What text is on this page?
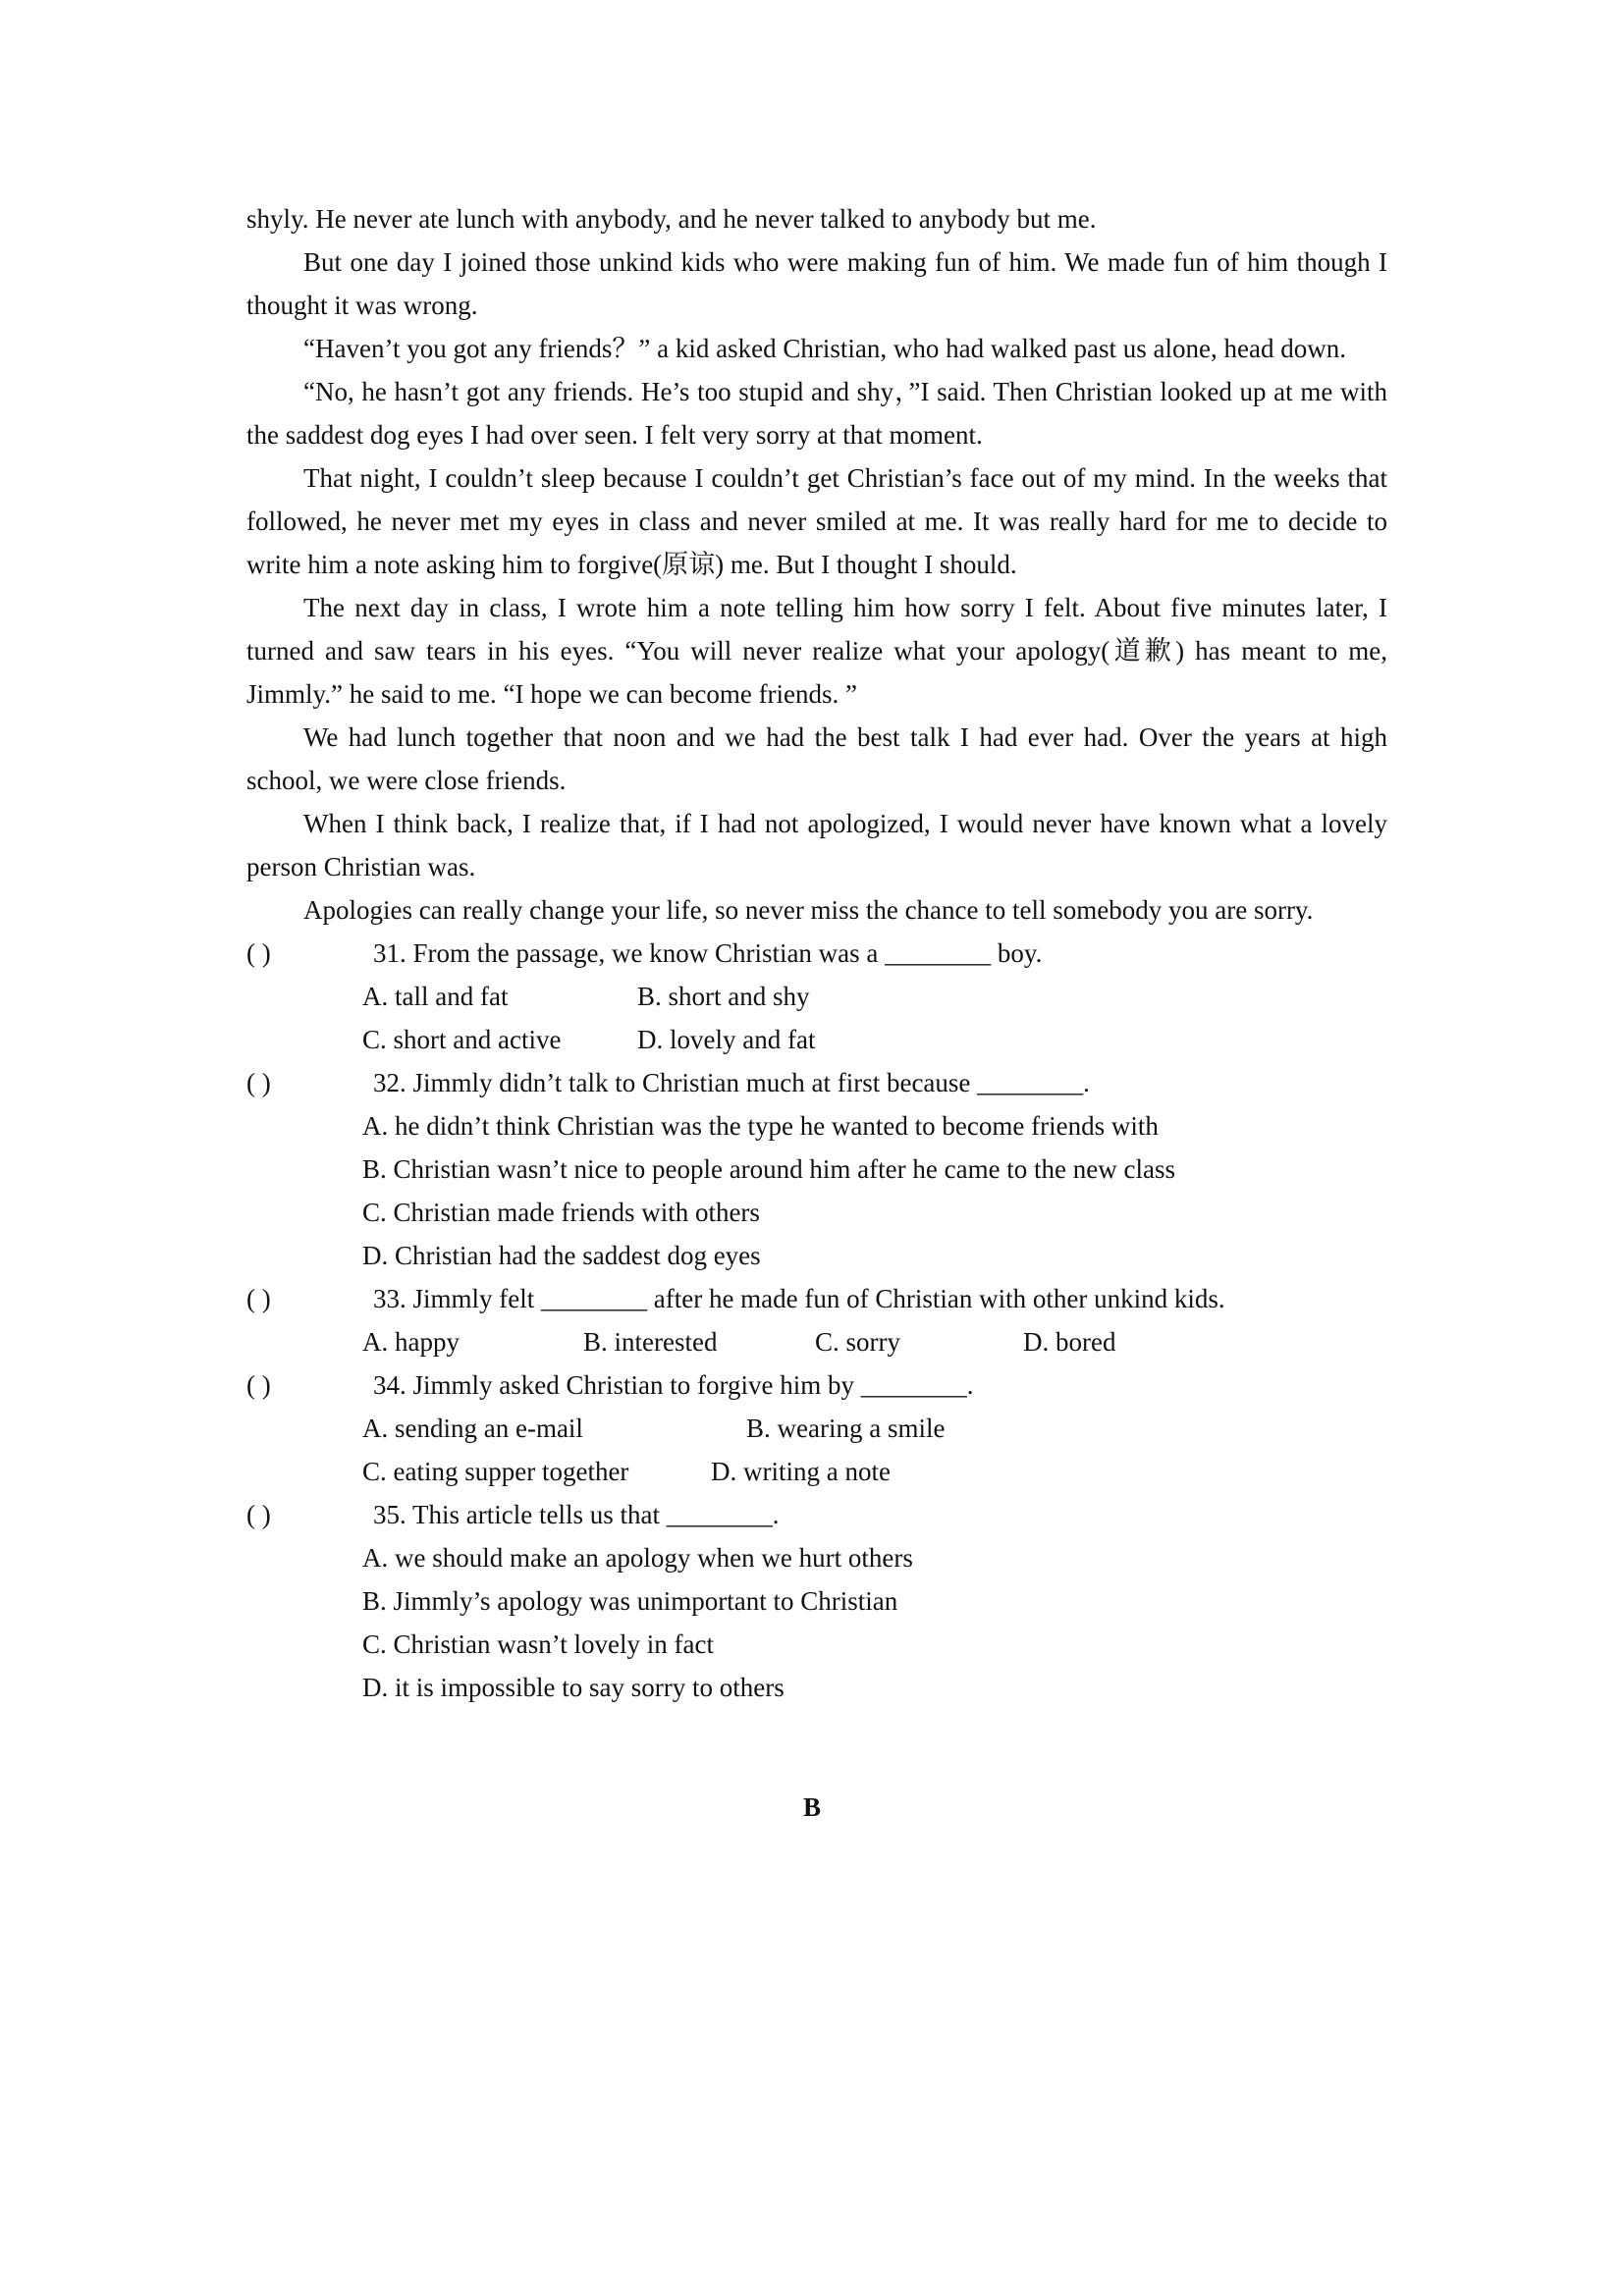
shyly. He never ate lunch with anybody, and he never talked to anybody but me.

But one day I joined those unkind kids who were making fun of him. We made fun of him though I thought it was wrong.

“Haven’t you got any friends？” a kid asked Christian, who had walked past us alone, head down.

“No, he hasn’t got any friends. He’s too stupid and shy，”I said. Then Christian looked up at me with the saddest dog eyes I had over seen. I felt very sorry at that moment.

That night, I couldn’t sleep because I couldn’t get Christian’s face out of my mind. In the weeks that followed, he never met my eyes in class and never smiled at me. It was really hard for me to decide to write him a note asking him to forgive(原谅) me. But I thought I should.

The next day in class, I wrote him a note telling him how sorry I felt. About five minutes later, I turned and saw tears in his eyes. “You will never realize what your apology(道歉) has meant to me, Jimmly.” he said to me. “I hope we can become friends. ”

We had lunch together that noon and we had the best talk I had ever had. Over the years at high school, we were close friends.

When I think back, I realize that, if I had not apologized, I would never have known what a lovely person Christian was.

Apologies can really change your life, so never miss the chance to tell somebody you are sorry.

( )	31. From the passage, we know Christian was a ________ boy.

A. tall and fat	B. short and shy
C. short and active	D. lovely and fat

( )	32. Jimmly didn’t talk to Christian much at first because ________.

A. he didn’t think Christian was the type he wanted to become friends with

B. Christian wasn’t nice to people around him after he came to the new class

C. Christian made friends with others

D. Christian had the saddest dog eyes

( )	33. Jimmly felt ________ after he made fun of Christian with other unkind kids.

A. happy	B. interested	C. sorry	D. bored

( )	34. Jimmly asked Christian to forgive him by ________.

A. sending an e-mail	B. wearing a smile
C. eating supper together	D. writing a note

( )	35. This article tells us that ________.

A. we should make an apology when we hurt others

B. Jimmly’s apology was unimportant to Christian

C. Christian wasn’t lovely in fact

D. it is impossible to say sorry to others

B
